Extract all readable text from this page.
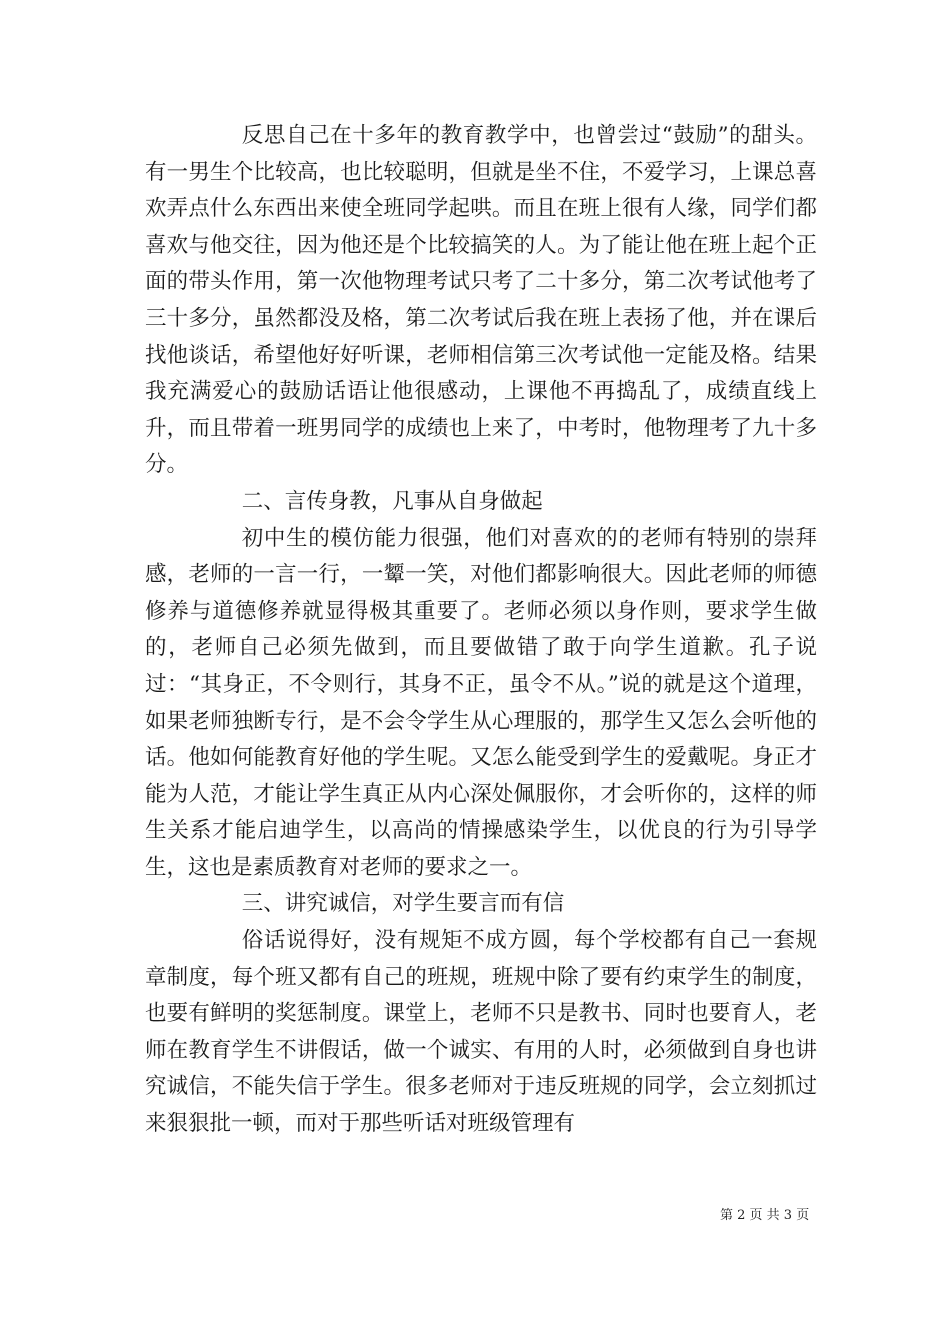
反思自己在十多年的教育教学中，也曾尝过“鼓励”的甜头。有一男生个比较高，也比较聪明，但就是坐不住，不爱学习，上课总喜欢弄点什么东西出来使全班同学起哄。而且在班上很有人缘，同学们都喜欢与他交往，因为他还是个比较搞笑的人。为了能让他在班上起个正面的带头作用，第一次他物理考试只考了二十多分，第二次考试他考了三十多分，虽然都没及格，第二次考试后我在班上表扬了他，并在课后找他谈话，希望他好好听课，老师相信第三次考试他一定能及格。结果我充满爱心的鼓励话语让他很感动，上课他不再捣乱了，成绩直线上升，而且带着一班男同学的成绩也上来了，中考时，他物理考了九十多分。

二、言传身教，凡事从自身做起

初中生的模仿能力很强，他们对喜欢的的老师有特别的崇拜感，老师的一言一行，一颦一笑，对他们都影响很大。因此老师的师德修养与道德修养就显得极其重要了。老师必须以身作则，要求学生做的，老师自己必须先做到，而且要做错了敢于向学生道歉。孔子说过：“其身正，不令则行，其身不正，虽令不从。”说的就是这个道理，如果老师独断专行，是不会令学生从心理服的，那学生又怎么会听他的话。他如何能教育好他的学生呢。又怎么能受到学生的爱戴呢。身正才能为人范，才能让学生真正从内心深处佩服你，才会听你的，这样的师生关系才能启迪学生，以高尚的情操感染学生，以优良的行为引导学生，这也是素质教育对老师的要求之一。

三、讲究诚信，对学生要言而有信

俗话说得好，没有规矩不成方圆，每个学校都有自己一套规章制度，每个班又都有自己的班规，班规中除了要有约束学生的制度，也要有鲜明的奖惩制度。课堂上，老师不只是教书、同时也要育人，老师在教育学生不讲假话，做一个诚实、有用的人时，必须做到自身也讲究诚信，不能失信于学生。很多老师对于违反班规的同学，会立刻抓过来狠狠批一顿，而对于那些听话对班级管理有

第 2 页 共 3 页
